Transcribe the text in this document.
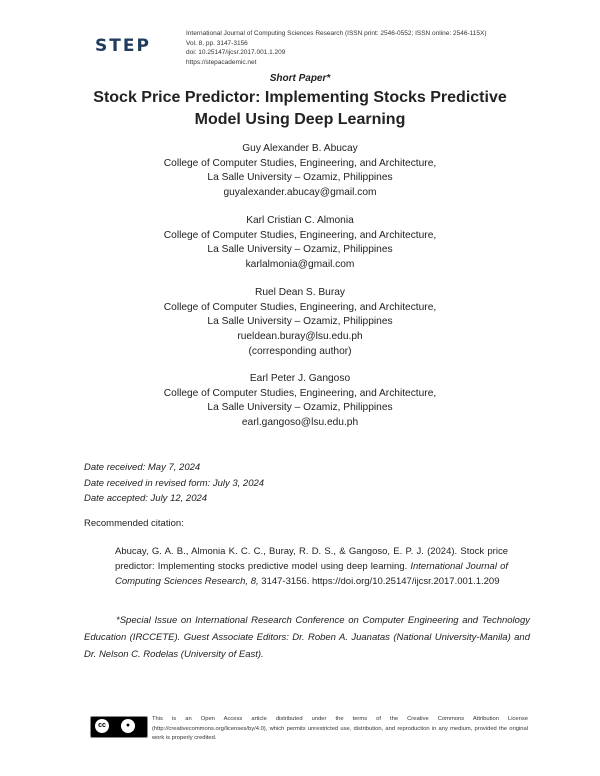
STEP
International Journal of Computing Sciences Research (ISSN print: 2546-0552; ISSN online: 2546-115X)
Vol. 8, pp. 3147-3156
doi: 10.25147/ijcsr.2017.001.1.209
https://stepacademic.net
Short Paper*
Stock Price Predictor: Implementing Stocks Predictive
Model Using Deep Learning
Guy Alexander B. Abucay
College of Computer Studies, Engineering, and Architecture,
La Salle University – Ozamiz, Philippines
guyalexander.abucay@gmail.com
Karl Cristian C. Almonia
College of Computer Studies, Engineering, and Architecture,
La Salle University – Ozamiz, Philippines
karlalmonia@gmail.com
Ruel Dean S. Buray
College of Computer Studies, Engineering, and Architecture,
La Salle University – Ozamiz, Philippines
rueldean.buray@lsu.edu.ph
(corresponding author)
Earl Peter J. Gangoso
College of Computer Studies, Engineering, and Architecture,
La Salle University – Ozamiz, Philippines
earl.gangoso@lsu.edu.ph
Date received: May 7, 2024
Date received in revised form: July 3, 2024
Date accepted: July 12, 2024
Recommended citation:
Abucay, G. A. B., Almonia K. C. C., Buray, R. D. S., & Gangoso, E. P. J. (2024). Stock price predictor: Implementing stocks predictive model using deep learning. International Journal of Computing Sciences Research, 8, 3147-3156. https://doi.org/10.25147/ijcsr.2017.001.1.209
*Special Issue on International Research Conference on Computer Engineering and Technology Education (IRCCETE). Guest Associate Editors: Dr. Roben A. Juanatas (National University-Manila) and Dr. Nelson C. Rodelas (University of East).
cc	●
This is an Open Access article distributed under the terms of the Creative Commons Attribution License (http://creativecommons.org/licenses/by/4.0), which permits unrestricted use, distribution, and reproduction in any medium, provided the original work is properly credited.
